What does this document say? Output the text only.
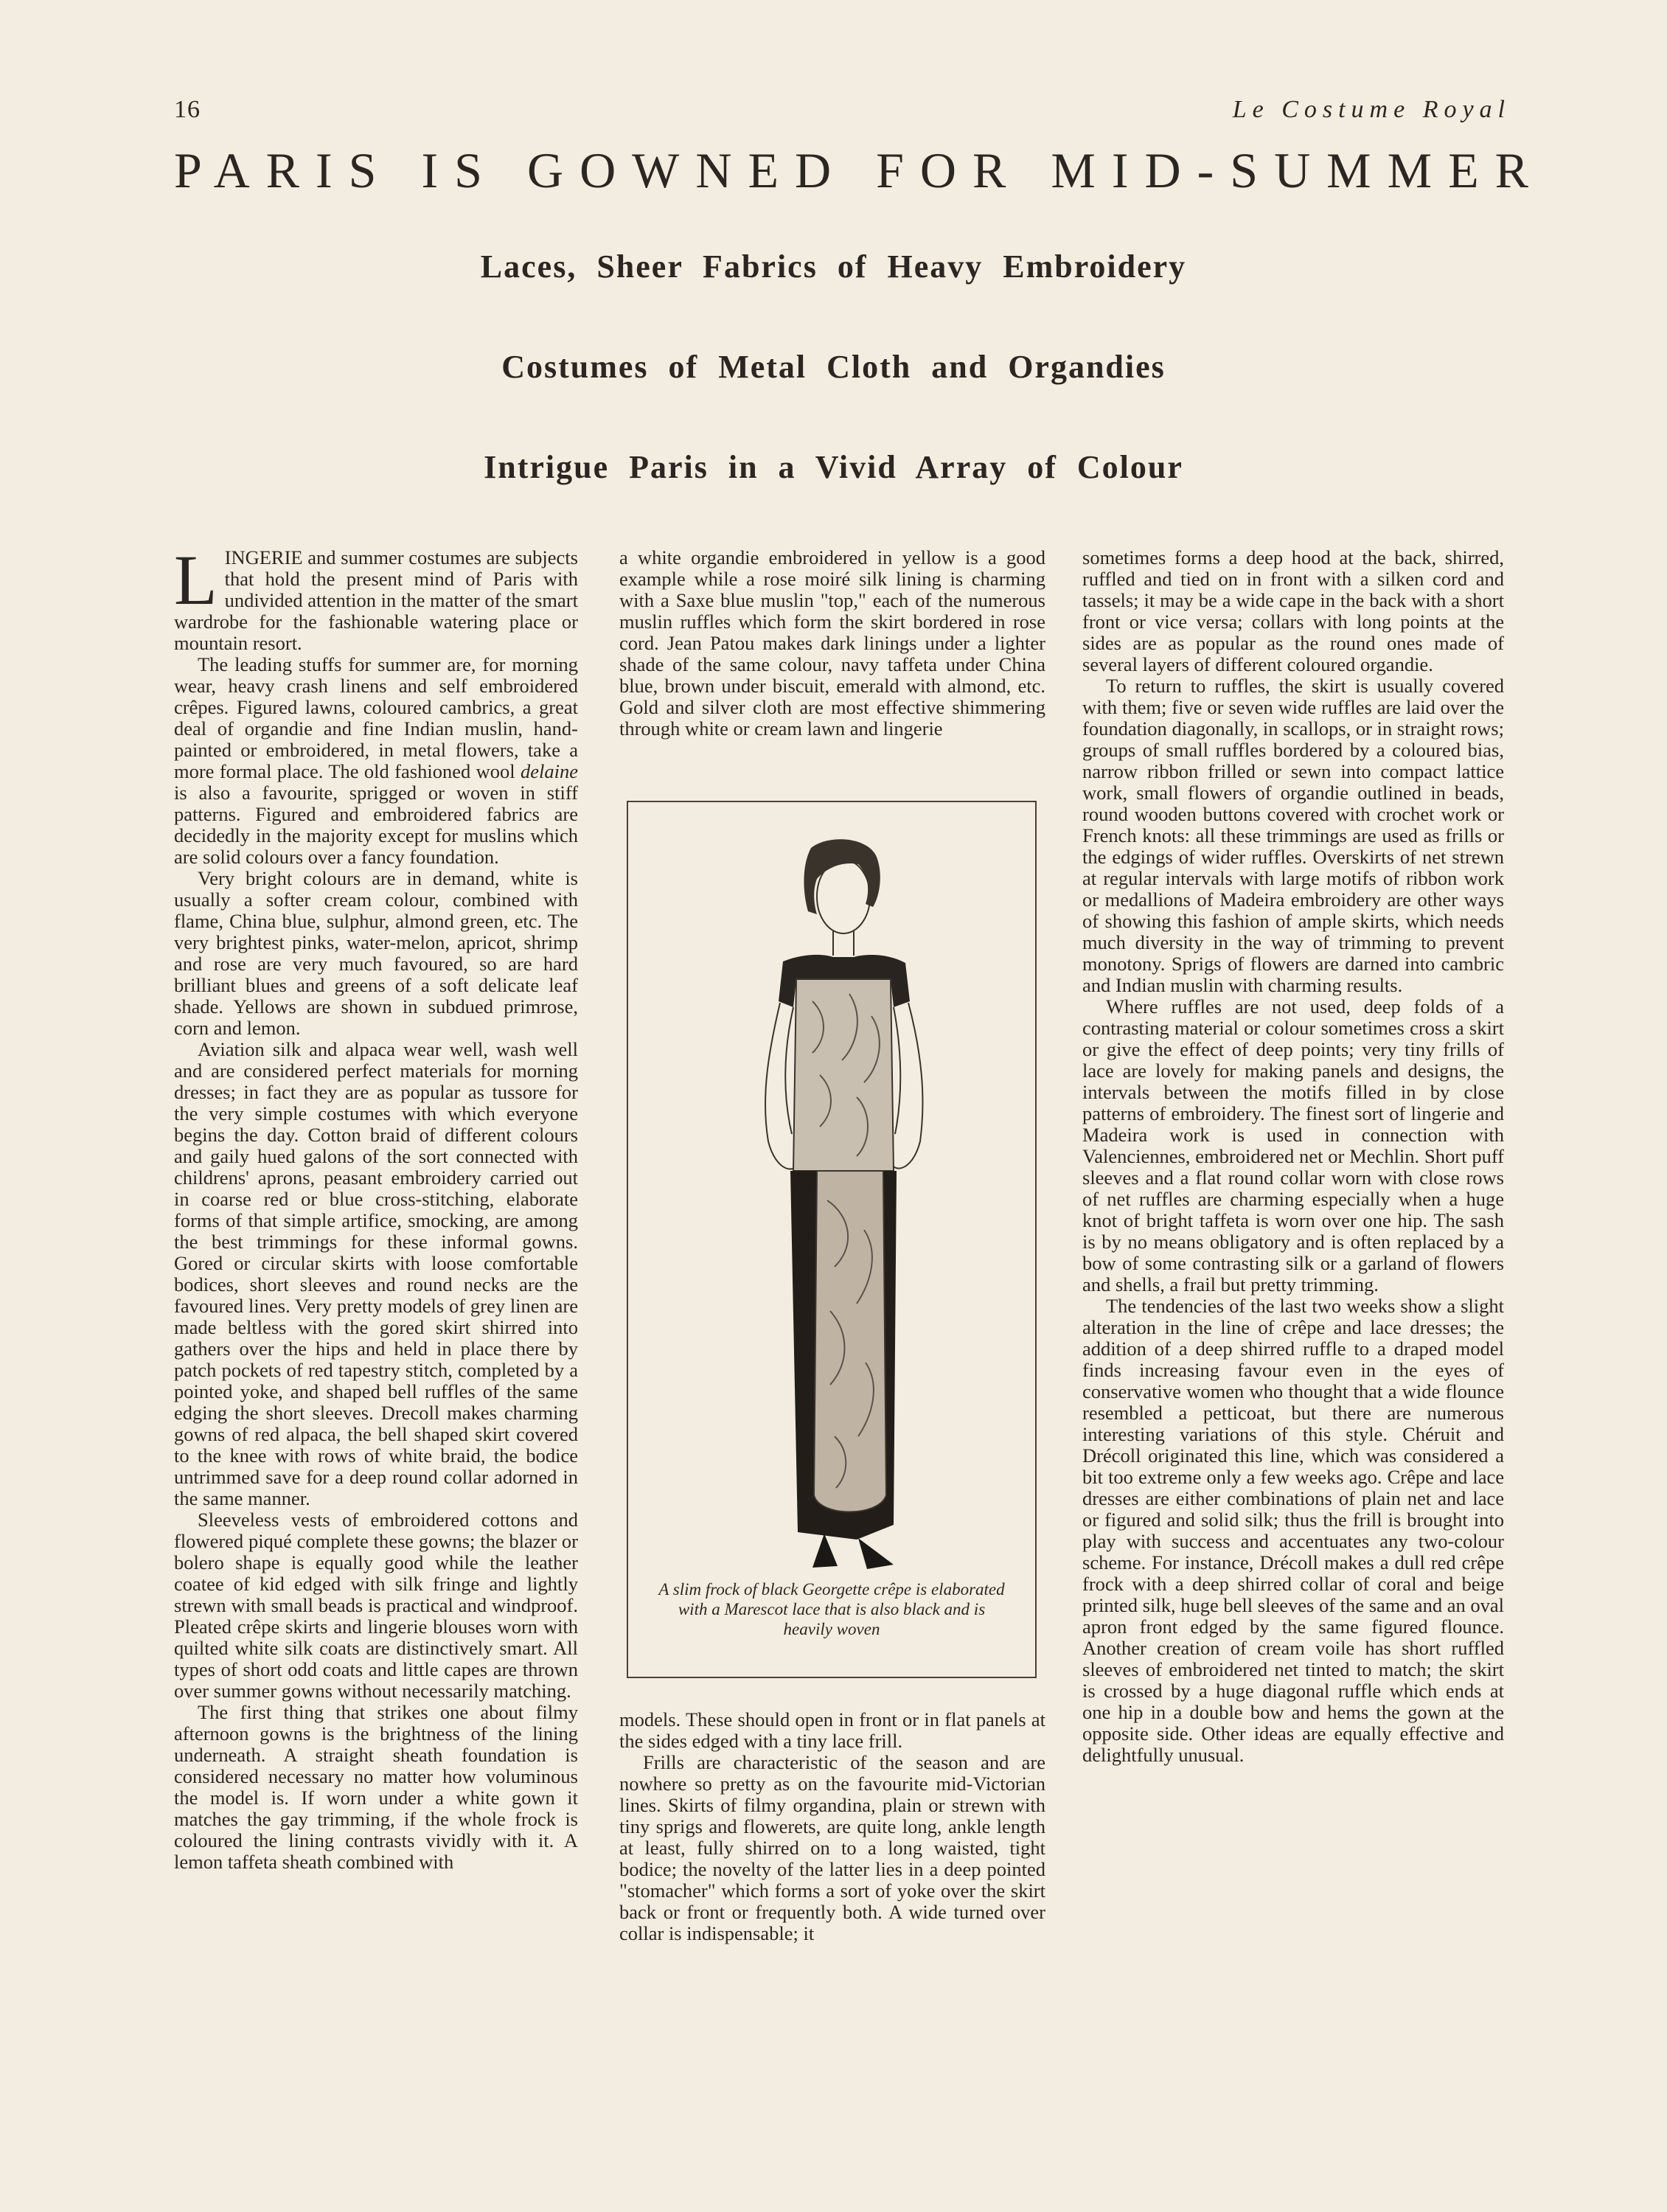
16	Le Costume Royal
PARIS IS GOWNED FOR MID-SUMMER
Laces, Sheer Fabrics of Heavy Embroidery
Costumes of Metal Cloth and Organdies
Intrigue Paris in a Vivid Array of Colour

LINGERIE and summer costumes are subjects that hold the present mind of Paris with undivided attention in the matter of the smart wardrobe for the fashionable watering place or mountain resort.

The leading stuffs for summer are, for morning wear, heavy crash linens and self embroidered crêpes. Figured lawns, coloured cambrics, a great deal of organdie and fine Indian muslin, hand-painted or embroidered, in metal flowers, take a more formal place. The old fashioned wool delaine is also a favourite, sprigged or woven in stiff patterns. Figured and embroidered fabrics are decidedly in the majority except for muslins which are solid colours over a fancy foundation.

Very bright colours are in demand, white is usually a softer cream colour, combined with flame, China blue, sulphur, almond green, etc. The very brightest pinks, water-melon, apricot, shrimp and rose are very much favoured, so are hard brilliant blues and greens of a soft delicate leaf shade. Yellows are shown in subdued primrose, corn and lemon.

Aviation silk and alpaca wear well, wash well and are considered perfect materials for morning dresses; in fact they are as popular as tussore for the very simple costumes with which everyone begins the day. Cotton braid of different colours and gaily hued galons of the sort connected with childrens' aprons, peasant embroidery carried out in coarse red or blue cross-stitching, elaborate forms of that simple artifice, smocking, are among the best trimmings for these informal gowns. Gored or circular skirts with loose comfortable bodices, short sleeves and round necks are the favoured lines. Very pretty models of grey linen are made beltless with the gored skirt shirred into gathers over the hips and held in place there by patch pockets of red tapestry stitch, completed by a pointed yoke, and shaped bell ruffles of the same edging the short sleeves. Drecoll makes charming gowns of red alpaca, the bell shaped skirt covered to the knee with rows of white braid, the bodice untrimmed save for a deep round collar adorned in the same manner.

Sleeveless vests of embroidered cottons and flowered piqué complete these gowns; the blazer or bolero shape is equally good while the leather coatee of kid edged with silk fringe and lightly strewn with small beads is practical and windproof. Pleated crêpe skirts and lingerie blouses worn with quilted white silk coats are distinctively smart. All types of short odd coats and little capes are thrown over summer gowns without necessarily matching.

The first thing that strikes one about filmy afternoon gowns is the brightness of the lining underneath. A straight sheath foundation is considered necessary no matter how voluminous the model is. If worn under a white gown it matches the gay trimming, if the whole frock is coloured the lining contrasts vividly with it. A lemon taffeta sheath combined with

a white organdie embroidered in yellow is a good example while a rose moiré silk lining is charming with a Saxe blue muslin "top," each of the numerous muslin ruffles which form the skirt bordered in rose cord. Jean Patou makes dark linings under a lighter shade of the same colour, navy taffeta under China blue, brown under biscuit, emerald with almond, etc. Gold and silver cloth are most effective shimmering through white or cream lawn and lingerie

A slim frock of black Georgette crêpe is elaborated with a Marescot lace that is also black and is heavily woven

models. These should open in front or in flat panels at the sides edged with a tiny lace frill.

Frills are characteristic of the season and are nowhere so pretty as on the favourite mid-Victorian lines. Skirts of filmy organdina, plain or strewn with tiny sprigs and flowerets, are quite long, ankle length at least, fully shirred on to a long waisted, tight bodice; the novelty of the latter lies in a deep pointed "stomacher" which forms a sort of yoke over the skirt back or front or frequently both. A wide turned over collar is indispensable; it

sometimes forms a deep hood at the back, shirred, ruffled and tied on in front with a silken cord and tassels; it may be a wide cape in the back with a short front or vice versa; collars with long points at the sides are as popular as the round ones made of several layers of different coloured organdie.

To return to ruffles, the skirt is usually covered with them; five or seven wide ruffles are laid over the foundation diagonally, in scallops, or in straight rows; groups of small ruffles bordered by a coloured bias, narrow ribbon frilled or sewn into compact lattice work, small flowers of organdie outlined in beads, round wooden buttons covered with crochet work or French knots: all these trimmings are used as frills or the edgings of wider ruffles. Overskirts of net strewn at regular intervals with large motifs of ribbon work or medallions of Madeira embroidery are other ways of showing this fashion of ample skirts, which needs much diversity in the way of trimming to prevent monotony. Sprigs of flowers are darned into cambric and Indian muslin with charming results.

Where ruffles are not used, deep folds of a contrasting material or colour sometimes cross a skirt or give the effect of deep points; very tiny frills of lace are lovely for making panels and designs, the intervals between the motifs filled in by close patterns of embroidery. The finest sort of lingerie and Madeira work is used in connection with Valenciennes, embroidered net or Mechlin. Short puff sleeves and a flat round collar worn with close rows of net ruffles are charming especially when a huge knot of bright taffeta is worn over one hip. The sash is by no means obligatory and is often replaced by a bow of some contrasting silk or a garland of flowers and shells, a frail but pretty trimming.

The tendencies of the last two weeks show a slight alteration in the line of crêpe and lace dresses; the addition of a deep shirred ruffle to a draped model finds increasing favour even in the eyes of conservative women who thought that a wide flounce resembled a petticoat, but there are numerous interesting variations of this style. Chéruit and Drécoll originated this line, which was considered a bit too extreme only a few weeks ago. Crêpe and lace dresses are either combinations of plain net and lace or figured and solid silk; thus the frill is brought into play with success and accentuates any two-colour scheme. For instance, Drécoll makes a dull red crêpe frock with a deep shirred collar of coral and beige printed silk, huge bell sleeves of the same and an oval apron front edged by the same figured flounce. Another creation of cream voile has short ruffled sleeves of embroidered net tinted to match; the skirt is crossed by a huge diagonal ruffle which ends at one hip in a double bow and hems the gown at the opposite side. Other ideas are equally effective and delightfully unusual.
